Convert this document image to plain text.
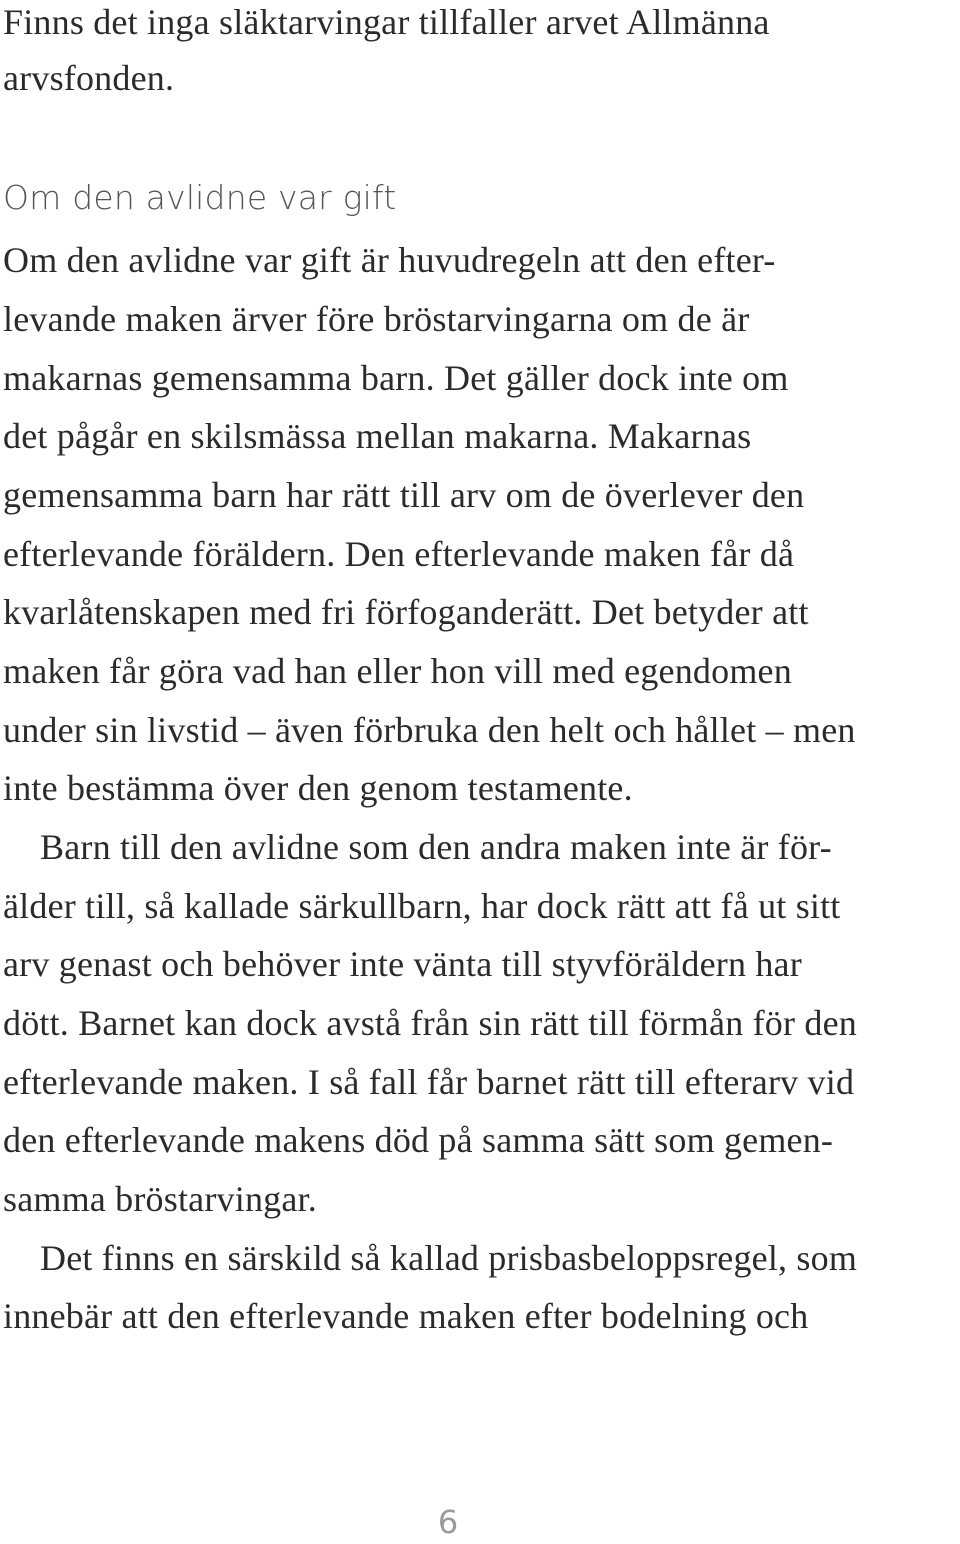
Finns det inga släktarvingar tillfaller arvet Allmänna
arvsfonden.
Om den avlidne var gift
Om den avlidne var gift är huvudregeln att den efter-
levande maken ärver före bröstarvingarna om de är
makarnas gemensamma barn. Det gäller dock inte om
det pågår en skilsmässa mellan makarna. Makarnas
gemensamma barn har rätt till arv om de överlever den
efterlevande föräldern. Den efterlevande maken får då
kvarlåtenskapen med fri förfoganderätt. Det betyder att
maken får göra vad han eller hon vill med egendomen
under sin livstid – även förbruka den helt och hållet – men
inte bestämma över den genom testamente.
Barn till den avlidne som den andra maken inte är för-
älder till, så kallade särkullbarn, har dock rätt att få ut sitt
arv genast och behöver inte vänta till styvföräldern har
dött. Barnet kan dock avstå från sin rätt till förmån för den
efterlevande maken. I så fall får barnet rätt till efterarv vid
den efterlevande makens död på samma sätt som gemen-
samma bröstarvingar.
Det finns en särskild så kallad prisbasbeloppsregel, som
innebär att den efterlevande maken efter bodelning och
6
